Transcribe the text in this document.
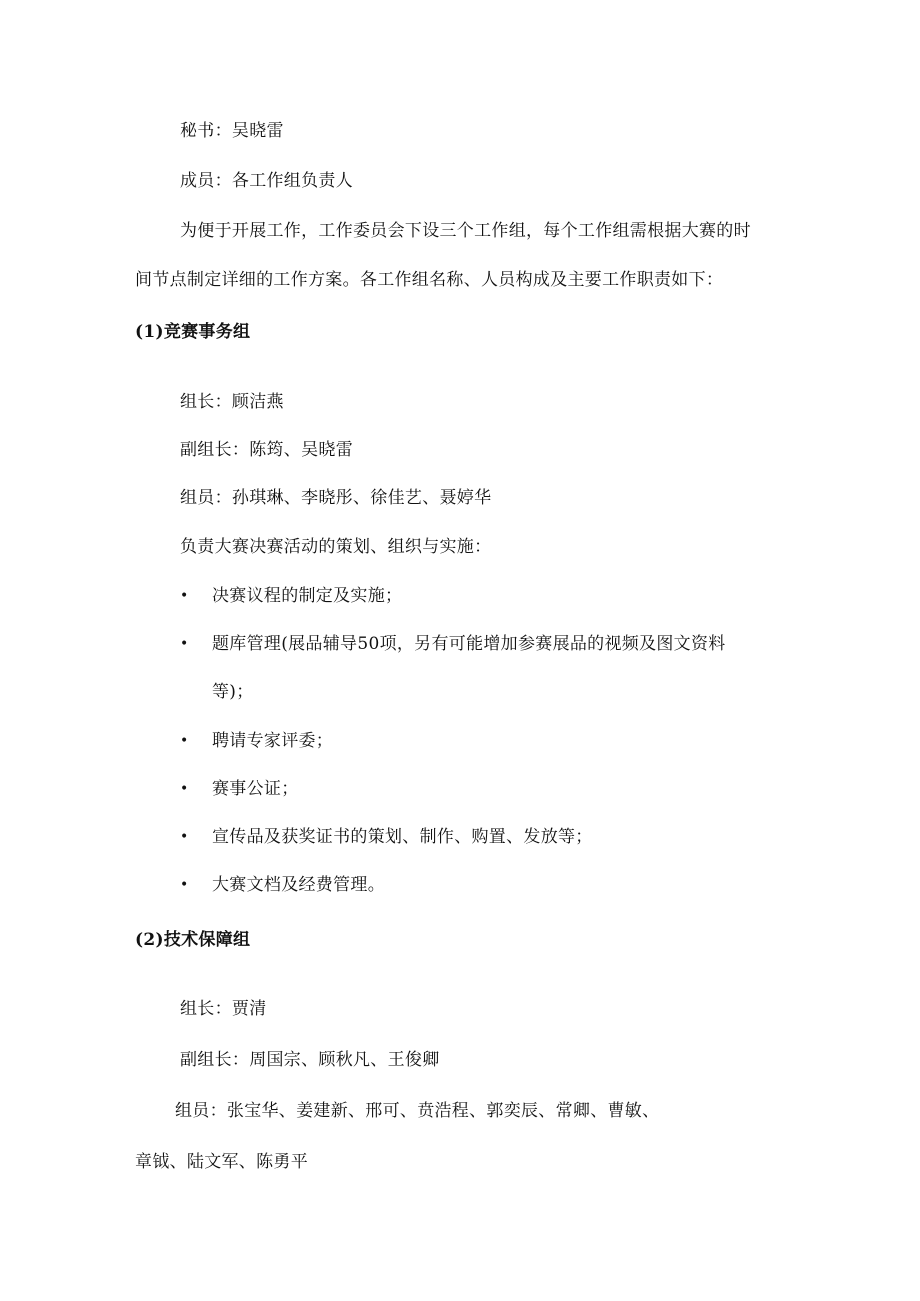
秘书：吴晓雷
成员：各工作组负责人
为便于开展工作，工作委员会下设三个工作组，每个工作组需根据大赛的时
间节点制定详细的工作方案。各工作组名称、人员构成及主要工作职责如下：
(1)竞赛事务组
组长：顾洁燕
副组长：陈筠、吴晓雷
组员：孙琪琳、李晓彤、徐佳艺、聂婷华
负责大赛决赛活动的策划、组织与实施：
• 决赛议程的制定及实施；
• 题库管理(展品辅导50项，另有可能增加参赛展品的视频及图文资料
等)；
• 聘请专家评委；
• 赛事公证；
• 宣传品及获奖证书的策划、制作、购置、发放等；
• 大赛文档及经费管理。
(2)技术保障组
组长：贾清
副组长：周国宗、顾秋凡、王俊卿
组员：张宝华、姜建新、邢可、贲浩程、郭奕辰、常卿、曹敏、
章钺、陆文军、陈勇平
